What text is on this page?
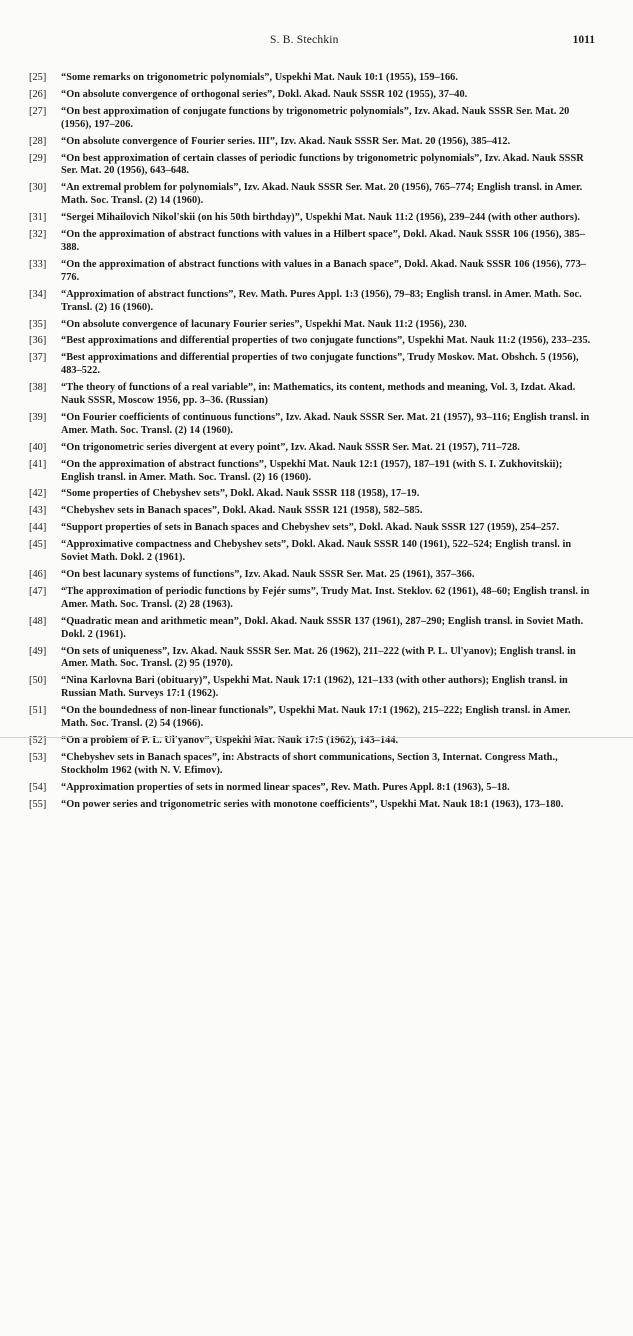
S. B. Stechkin	1011
[25] “Some remarks on trigonometric polynomials”, Uspekhi Mat. Nauk 10:1 (1955), 159–166.
[26] “On absolute convergence of orthogonal series”, Dokl. Akad. Nauk SSSR 102 (1955), 37–40.
[27] “On best approximation of conjugate functions by trigonometric polynomials”, Izv. Akad. Nauk SSSR Ser. Mat. 20 (1956), 197–206.
[28] “On absolute convergence of Fourier series. III”, Izv. Akad. Nauk SSSR Ser. Mat. 20 (1956), 385–412.
[29] “On best approximation of certain classes of periodic functions by trigonometric polynomials”, Izv. Akad. Nauk SSSR Ser. Mat. 20 (1956), 643–648.
[30] “An extremal problem for polynomials”, Izv. Akad. Nauk SSSR Ser. Mat. 20 (1956), 765–774; English transl. in Amer. Math. Soc. Transl. (2) 14 (1960).
[31] “Sergei Mihailovich Nikol'skii (on his 50th birthday)”, Uspekhi Mat. Nauk 11:2 (1956), 239–244 (with other authors).
[32] “On the approximation of abstract functions with values in a Hilbert space”, Dokl. Akad. Nauk SSSR 106 (1956), 385–388.
[33] “On the approximation of abstract functions with values in a Banach space”, Dokl. Akad. Nauk SSSR 106 (1956), 773–776.
[34] “Approximation of abstract functions”, Rev. Math. Pures Appl. 1:3 (1956), 79–83; English transl. in Amer. Math. Soc. Transl. (2) 16 (1960).
[35] “On absolute convergence of lacunary Fourier series”, Uspekhi Mat. Nauk 11:2 (1956), 230.
[36] “Best approximations and differential properties of two conjugate functions”, Uspekhi Mat. Nauk 11:2 (1956), 233–235.
[37] “Best approximations and differential properties of two conjugate functions”, Trudy Moskov. Mat. Obshch. 5 (1956), 483–522.
[38] “The theory of functions of a real variable”, in: Mathematics, its content, methods and meaning, Vol. 3, Izdat. Akad. Nauk SSSR, Moscow 1956, pp. 3–36. (Russian)
[39] “On Fourier coefficients of continuous functions”, Izv. Akad. Nauk SSSR Ser. Mat. 21 (1957), 93–116; English transl. in Amer. Math. Soc. Transl. (2) 14 (1960).
[40] “On trigonometric series divergent at every point”, Izv. Akad. Nauk SSSR Ser. Mat. 21 (1957), 711–728.
[41] “On the approximation of abstract functions”, Uspekhi Mat. Nauk 12:1 (1957), 187–191 (with S. I. Zukhovitskii); English transl. in Amer. Math. Soc. Transl. (2) 16 (1960).
[42] “Some properties of Chebyshev sets”, Dokl. Akad. Nauk SSSR 118 (1958), 17–19.
[43] “Chebyshev sets in Banach spaces”, Dokl. Akad. Nauk SSSR 121 (1958), 582–585.
[44] “Support properties of sets in Banach spaces and Chebyshev sets”, Dokl. Akad. Nauk SSSR 127 (1959), 254–257.
[45] “Approximative compactness and Chebyshev sets”, Dokl. Akad. Nauk SSSR 140 (1961), 522–524; English transl. in Soviet Math. Dokl. 2 (1961).
[46] “On best lacunary systems of functions”, Izv. Akad. Nauk SSSR Ser. Mat. 25 (1961), 357–366.
[47] “The approximation of periodic functions by Fejér sums”, Trudy Mat. Inst. Steklov. 62 (1961), 48–60; English transl. in Amer. Math. Soc. Transl. (2) 28 (1963).
[48] “Quadratic mean and arithmetic mean”, Dokl. Akad. Nauk SSSR 137 (1961), 287–290; English transl. in Soviet Math. Dokl. 2 (1961).
[49] “On sets of uniqueness”, Izv. Akad. Nauk SSSR Ser. Mat. 26 (1962), 211–222 (with P. L. Ul'yanov); English transl. in Amer. Math. Soc. Transl. (2) 95 (1970).
[50] “Nina Karlovna Bari (obituary)”, Uspekhi Mat. Nauk 17:1 (1962), 121–133 (with other authors); English transl. in Russian Math. Surveys 17:1 (1962).
[51] “On the boundedness of non-linear functionals”, Uspekhi Mat. Nauk 17:1 (1962), 215–222; English transl. in Amer. Math. Soc. Transl. (2) 54 (1966).
[52] “On a problem of P. L. Ul'yanov”, Uspekhi Mat. Nauk 17:5 (1962), 143–144.
[53] “Chebyshev sets in Banach spaces”, in: Abstracts of short communications, Section 3, Internat. Congress Math., Stockholm 1962 (with N. V. Efimov).
[54] “Approximation properties of sets in normed linear spaces”, Rev. Math. Pures Appl. 8:1 (1963), 5–18.
[55] “On power series and trigonometric series with monotone coefficients”, Uspekhi Mat. Nauk 18:1 (1963), 173–180.
